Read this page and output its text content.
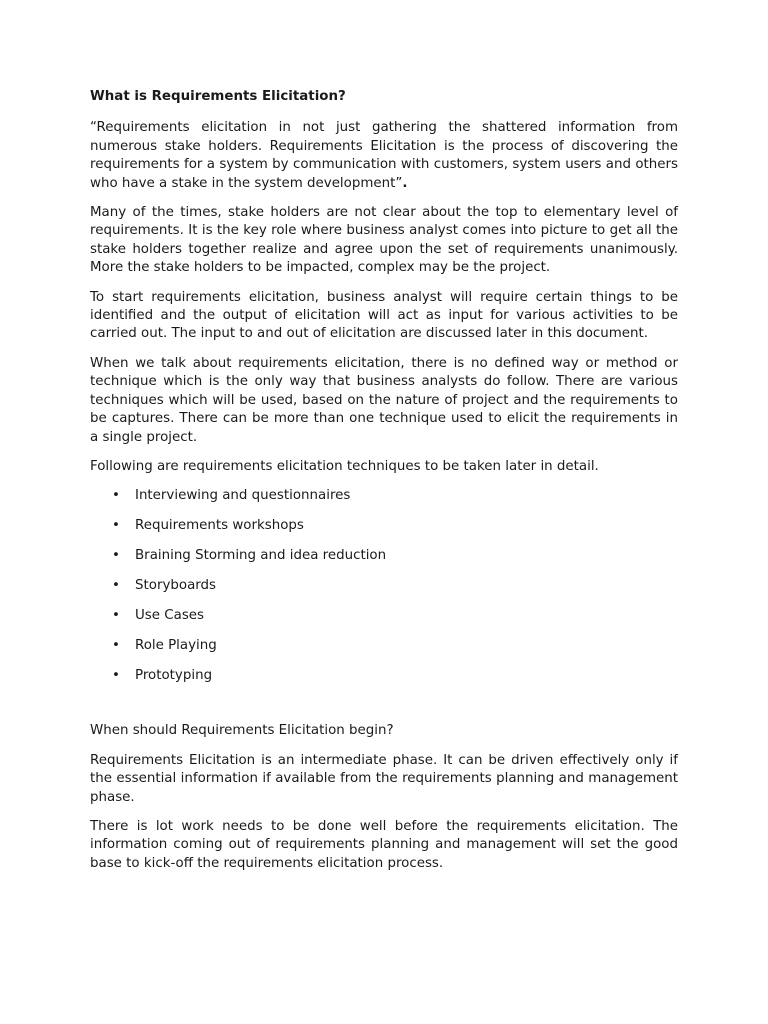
What is Requirements Elicitation?

“Requirements elicitation in not just gathering the shattered information from numerous stake holders. Requirements Elicitation is the process of discovering the requirements for a system by communication with customers, system users and others who have a stake in the system development”.

Many of the times, stake holders are not clear about the top to elementary level of requirements. It is the key role where business analyst comes into picture to get all the stake holders together realize and agree upon the set of requirements unanimously. More the stake holders to be impacted, complex may be the project.

To start requirements elicitation, business analyst will require certain things to be identified and the output of elicitation will act as input for various activities to be carried out. The input to and out of elicitation are discussed later in this document.

When we talk about requirements elicitation, there is no defined way or method or technique which is the only way that business analysts do follow. There are various techniques which will be used, based on the nature of project and the requirements to be captures. There can be more than one technique used to elicit the requirements in a single project.

Following are requirements elicitation techniques to be taken later in detail.

• Interviewing and questionnaires
• Requirements workshops
• Braining Storming and idea reduction
• Storyboards
• Use Cases
• Role Playing
• Prototyping

When should Requirements Elicitation begin?

Requirements Elicitation is an intermediate phase. It can be driven effectively only if the essential information if available from the requirements planning and management phase.

There is lot work needs to be done well before the requirements elicitation. The information coming out of requirements planning and management will set the good base to kick-off the requirements elicitation process.
